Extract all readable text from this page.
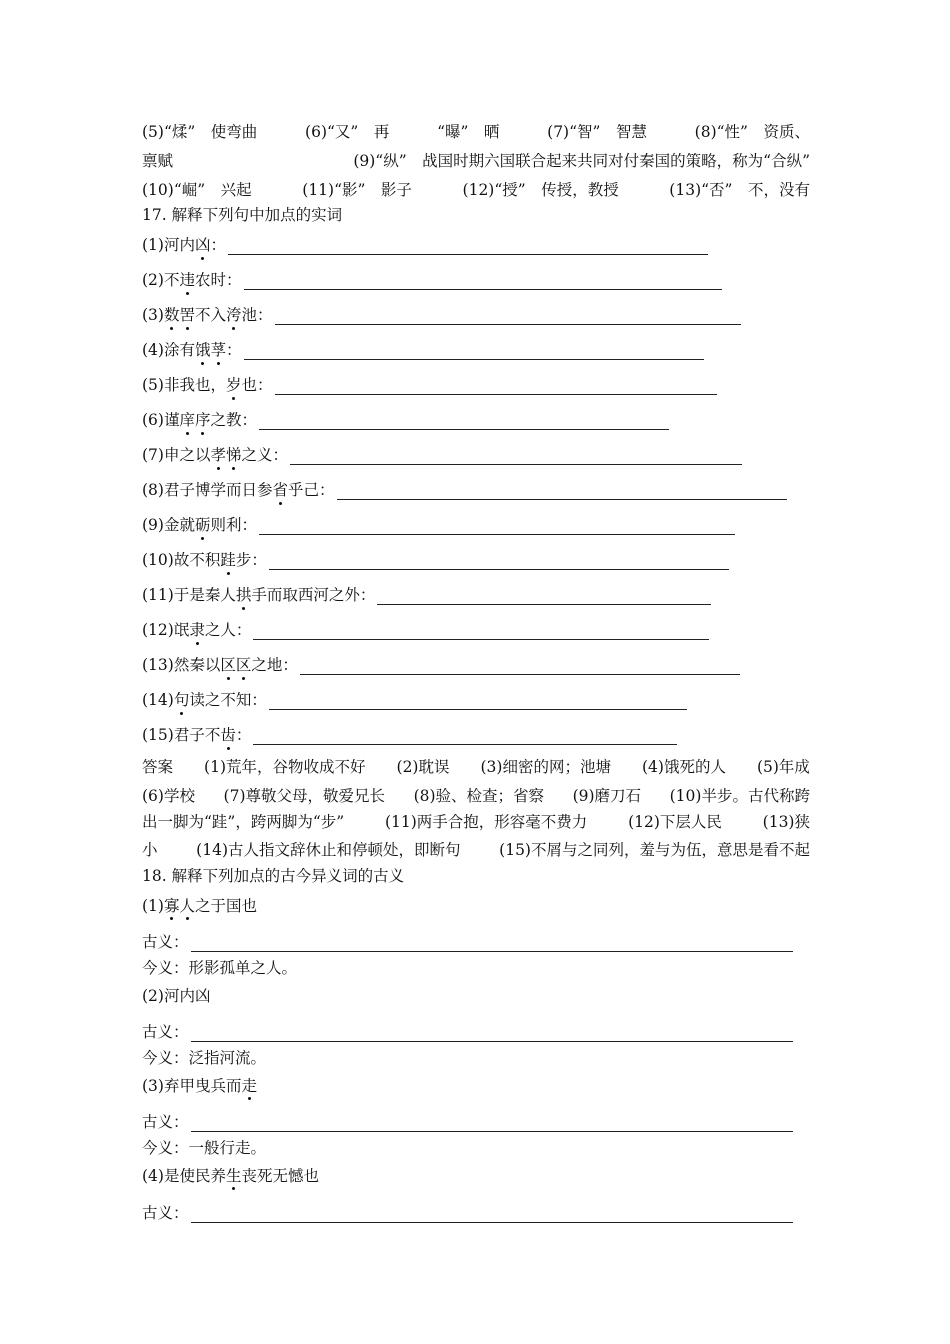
(5)“煣”　使弯曲	(6)“又”　再	“曝”　晒	(7)“智”　智慧	(8)“性”　资质、
禀赋	(9)“纵”　战国时期六国联合起来共同对付秦国的策略，称为“合纵”
(10)“崛”　兴起	(11)“影”　影子	(12)“授”　传授，教授	(13)“否”　不，没有
17. 解释下列句中加点的实词
(1)河内 凶 ：
(2)不 违 农时：
(3) 数 罟 不入 洿 池：
(4)涂有 饿 莩 ：
(5)非我也， 岁 也：
(6)谨 庠 序 之教：
(7)申之以 孝 悌 之义：
(8)君子博学而日参 省 乎己：
(9)金就 砺 则利：
(10)故不积 跬 步：
(11)于是秦人 拱 手而取西河之外：
(12)氓 隶 之人：
(13)然秦以 区 区 之地：
(14) 句 读之不知：
(15)君子不 齿 ：
答案 (1)荒年，谷物收成不好 (2)耽误 (3)细密的网；池塘 (4)饿死的人 (5)年成
(6)学校 (7)尊敬父母，敬爱兄长 (8)验、检查；省察 (9)磨刀石 (10)半步。古代称跨
出一脚为“跬”，跨两脚为“步”	(11)两手合抱，形容毫不费力	(12)下层人民	(13)狭
小 (14)古人指文辞休止和停顿处，即断句 (15)不屑与之同列，羞与为伍，意思是看不起
18. 解释下列加点的古今异义词的古义
(1)寡人之于国也
古义：
今义：形影孤单之人。
(2)河内凶
古义：
今义：泛指河流。
(3)弃甲曳兵而走
古义：
今义：一般行走。
(4)是使民养生丧死无憾也
古义：
